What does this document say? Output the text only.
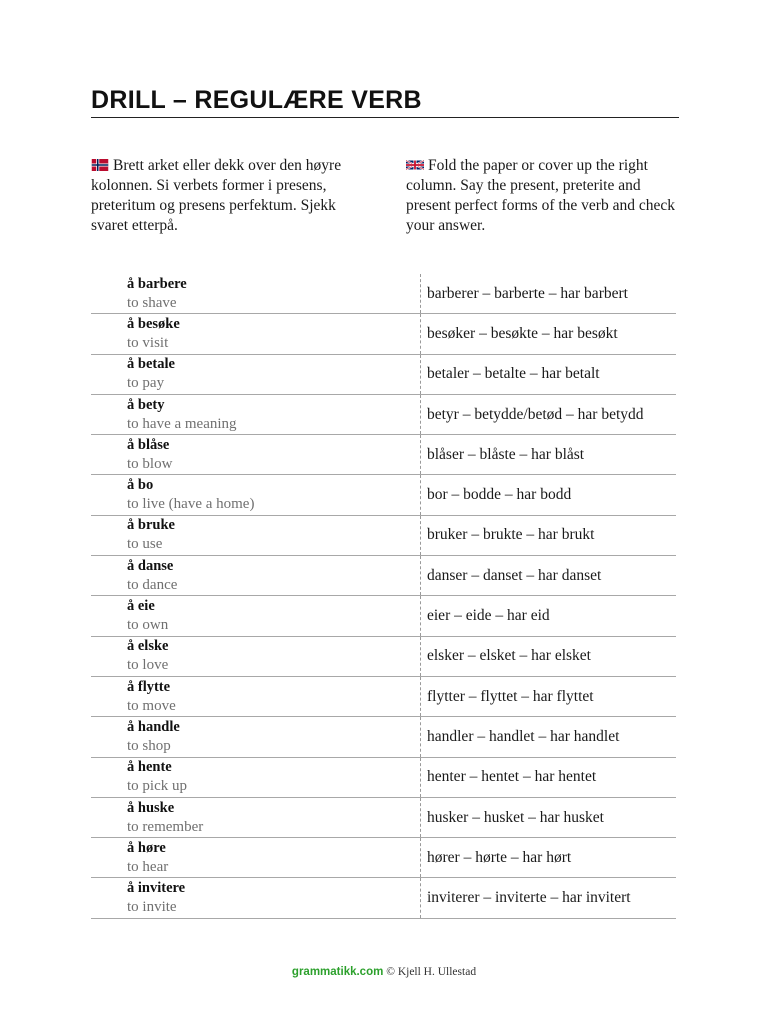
DRILL – REGULÆRE VERB
Brett arket eller dekk over den høyre kolonnen. Si verbets former i presens, preteritum og presens perfektum. Sjekk svaret etterpå.
Fold the paper or cover up the right column. Say the present, preterite and present perfect forms of the verb and check your answer.
å barbere
to shave	barberer – barberte – har barbert

å besøke
to visit	besøker – besøkte – har besøkt

å betale
to pay	betaler – betalte – har betalt

å bety
to have a meaning	betyr – betydde/betød – har betydd

å blåse
to blow	blåser – blåste – har blåst

å bo
to live (have a home)	bor – bodde – har bodd

å bruke
to use	bruker – brukte – har brukt

å danse
to dance	danser – danset – har danset

å eie
to own	eier – eide – har eid

å elske
to love	elsker – elsket – har elsket

å flytte
to move	flytter – flyttet – har flyttet

å handle
to shop	handler – handlet – har handlet

å hente
to pick up	henter – hentet – har hentet

å huske
to remember	husker – husket – har husket

å høre
to hear	hører – hørte – har hørt

å invitere
to invite	inviterer – inviterte – har invitert
grammatikk.com © Kjell H. Ullestad
